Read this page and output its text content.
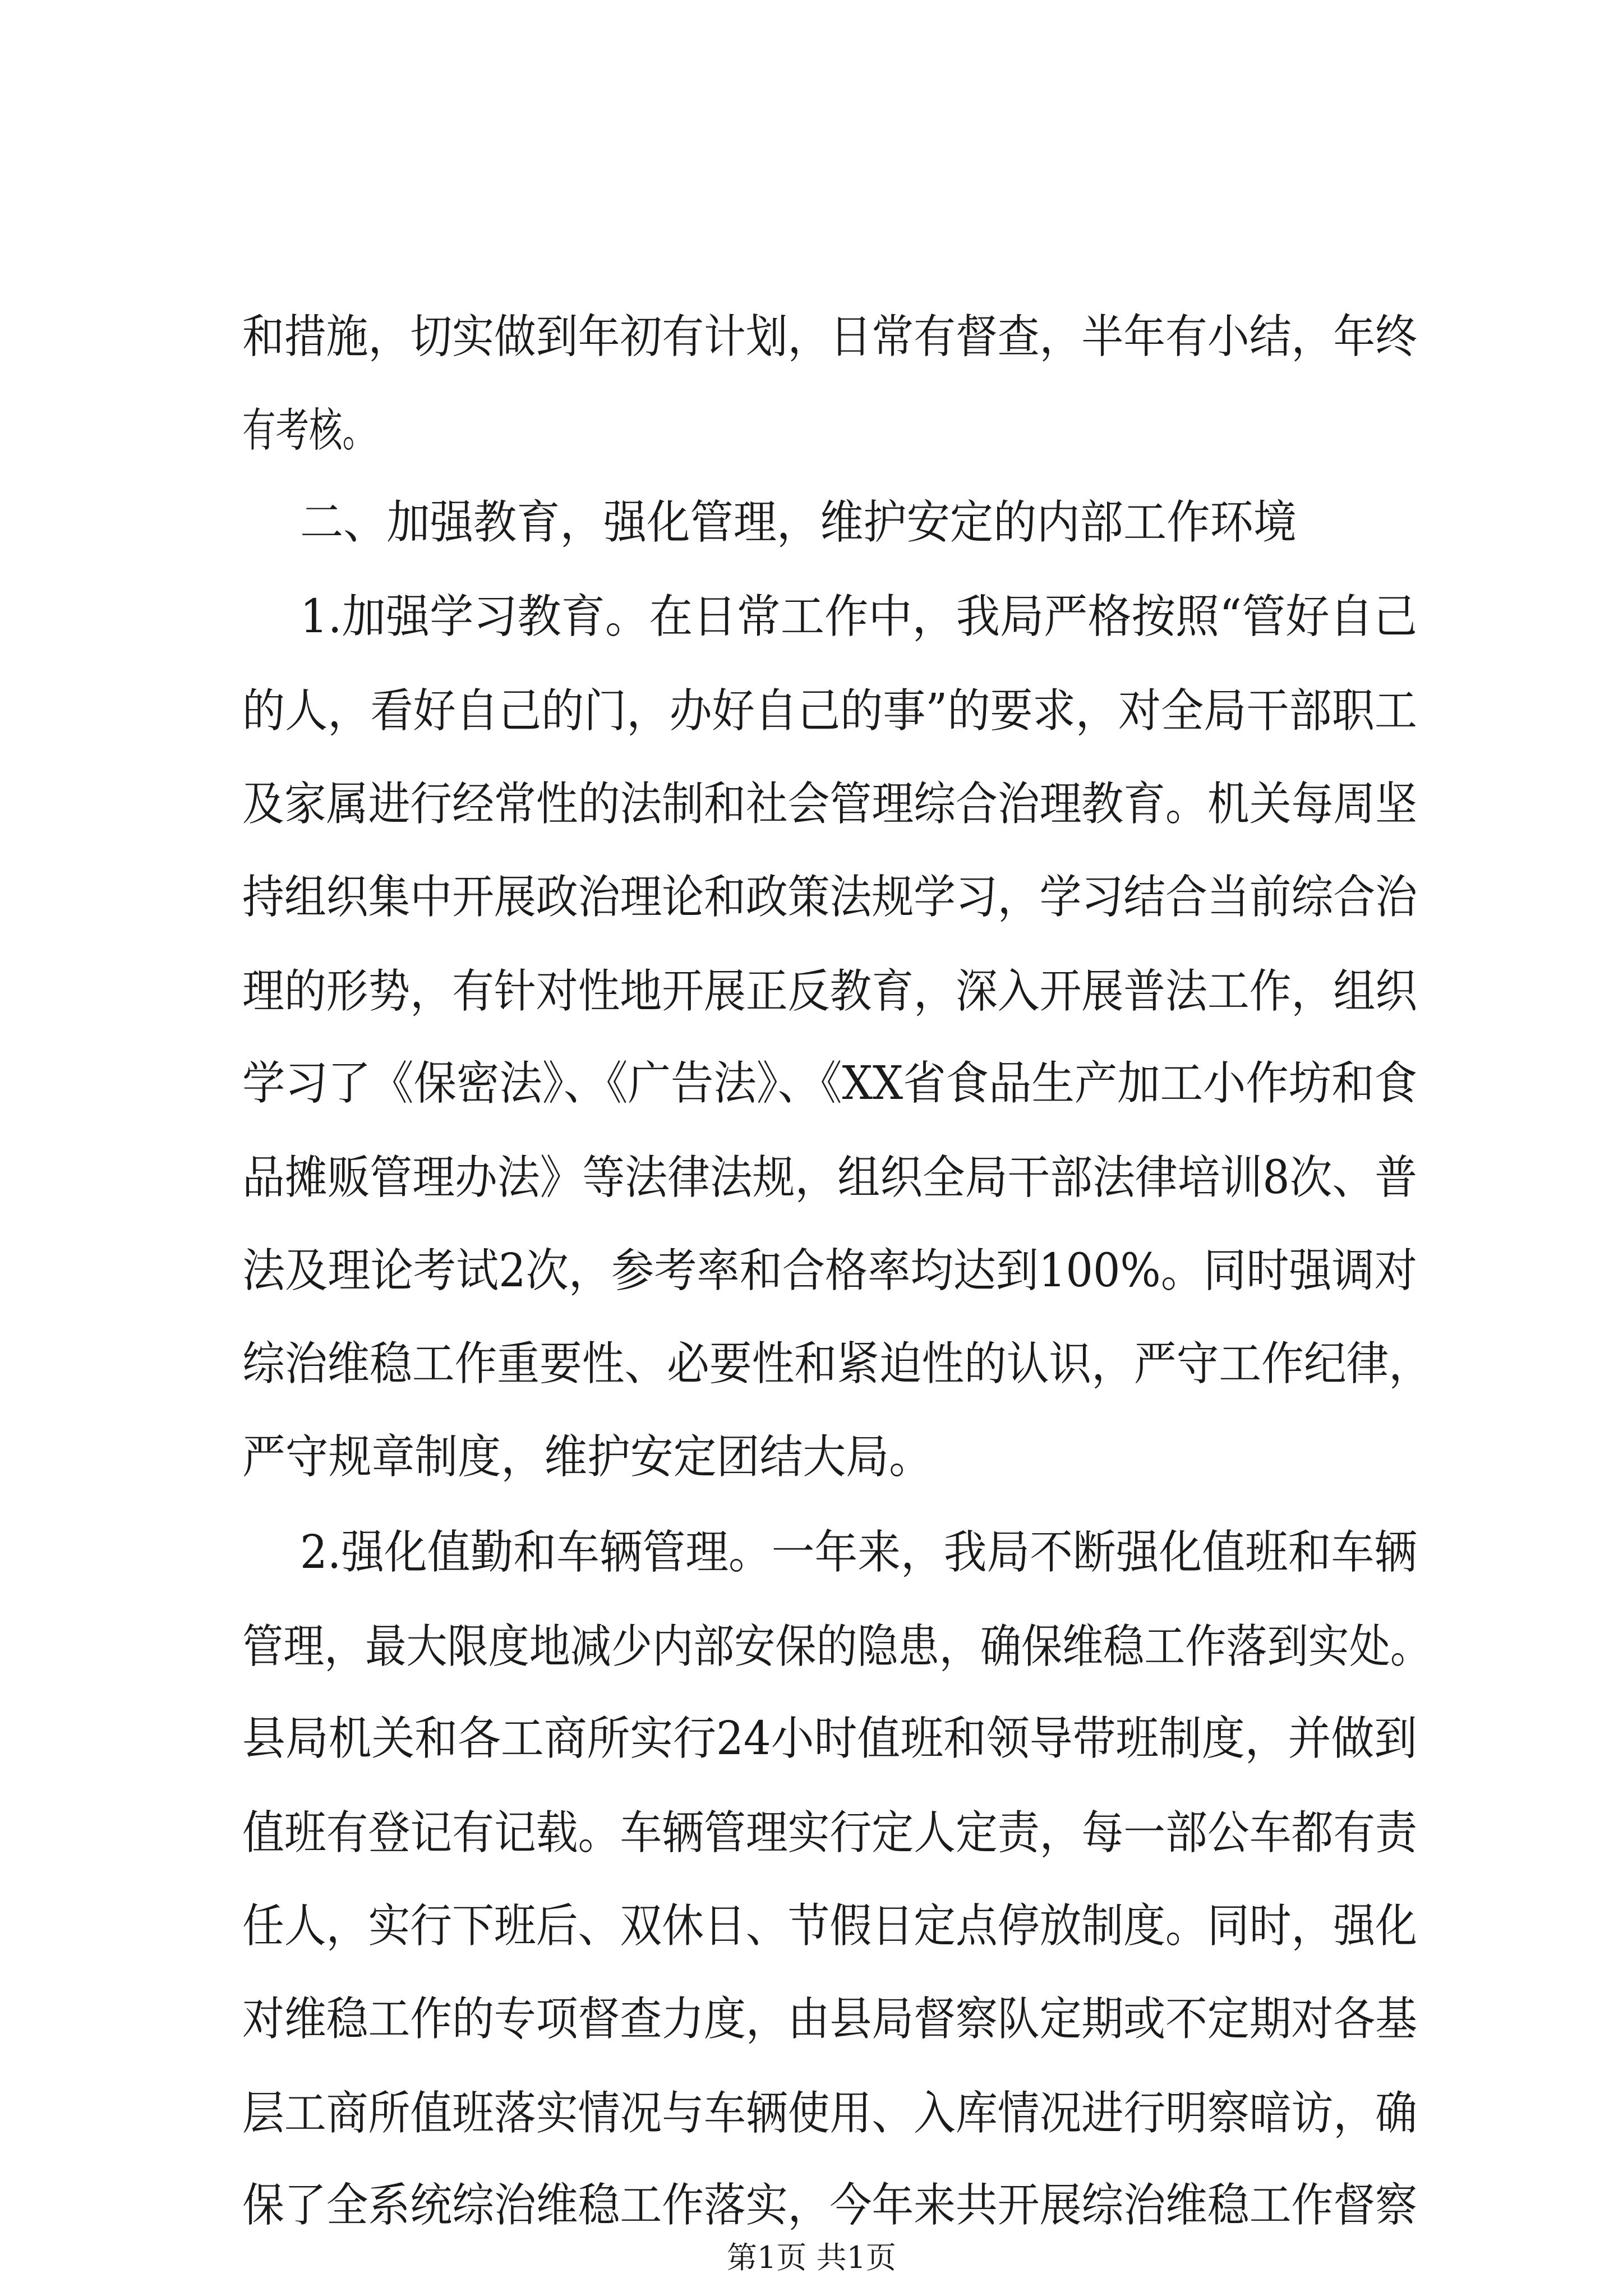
和措施，切实做到年初有计划，日常有督查，半年有小结，年终
有考核。
二、加强教育，强化管理，维护安定的内部工作环境
1.加强学习教育。在日常工作中，我局严格按照“管好自己
的人，看好自己的门，办好自己的事”的要求，对全局干部职工
及家属进行经常性的法制和社会管理综合治理教育。机关每周坚
持组织集中开展政治理论和政策法规学习，学习结合当前综合治
理的形势，有针对性地开展正反教育，深入开展普法工作，组织
学习了《保密法》、《广告法》、《XX省食品生产加工小作坊和食
品摊贩管理办法》等法律法规，组织全局干部法律培训8次、普
法及理论考试2次，参考率和合格率均达到100%。同时强调对
综治维稳工作重要性、必要性和紧迫性的认识，严守工作纪律，
严守规章制度，维护安定团结大局。
2.强化值勤和车辆管理。一年来，我局不断强化值班和车辆
管理，最大限度地减少内部安保的隐患，确保维稳工作落到实处。
县局机关和各工商所实行24小时值班和领导带班制度，并做到
值班有登记有记载。车辆管理实行定人定责，每一部公车都有责
任人，实行下班后、双休日、节假日定点停放制度。同时，强化
对维稳工作的专项督查力度，由县局督察队定期或不定期对各基
层工商所值班落实情况与车辆使用、入库情况进行明察暗访，确
保了全系统综治维稳工作落实，今年来共开展综治维稳工作督察
第1页 共1页
